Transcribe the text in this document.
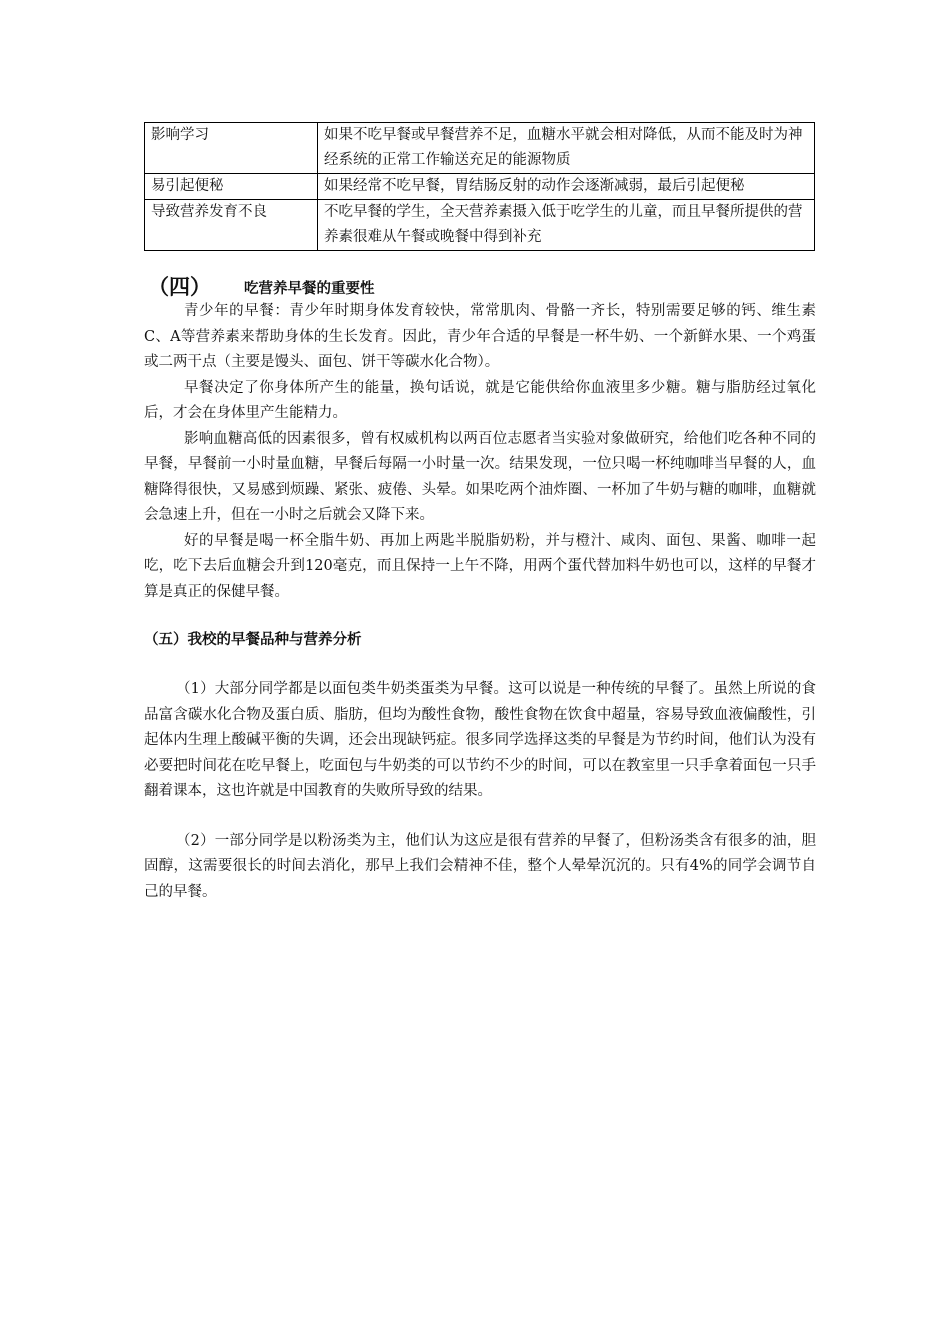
影响学习	如果不吃早餐或早餐营养不足，血糖水平就会相对降低，从而不能及时为神经系统的正常工作输送充足的能源物质
易引起便秘	如果经常不吃早餐，胃结肠反射的动作会逐渐减弱，最后引起便秘
导致营养发育不良	不吃早餐的学生，全天营养素摄入低于吃学生的儿童，而且早餐所提供的营养素很难从午餐或晚餐中得到补充
（四） 吃营养早餐的重要性

青少年的早餐：青少年时期身体发育较快，常常肌肉、骨骼一齐长，特别需要足够的钙、维生素C、A等营养素来帮助身体的生长发育。因此，青少年合适的早餐是一杯牛奶、一个新鲜水果、一个鸡蛋或二两干点（主要是馒头、面包、饼干等碳水化合物）。

早餐决定了你身体所产生的能量，换句话说，就是它能供给你血液里多少糖。糖与脂肪经过氧化后，才会在身体里产生能精力。

影响血糖高低的因素很多，曾有权威机构以两百位志愿者当实验对象做研究，给他们吃各种不同的早餐，早餐前一小时量血糖，早餐后每隔一小时量一次。结果发现，一位只喝一杯纯咖啡当早餐的人，血糖降得很快，又易感到烦躁、紧张、疲倦、头晕。如果吃两个油炸圈、一杯加了牛奶与糖的咖啡，血糖就会急速上升，但在一小时之后就会又降下来。

好的早餐是喝一杯全脂牛奶、再加上两匙半脱脂奶粉，并与橙汁、咸肉、面包、果酱、咖啡一起吃，吃下去后血糖会升到120毫克，而且保持一上午不降，用两个蛋代替加料牛奶也可以，这样的早餐才算是真正的保健早餐。

（五）我校的早餐品种与营养分析

（1）大部分同学都是以面包类牛奶类蛋类为早餐。这可以说是一种传统的早餐了。虽然上所说的食品富含碳水化合物及蛋白质、脂肪，但均为酸性食物，酸性食物在饮食中超量，容易导致血液偏酸性，引起体内生理上酸碱平衡的失调，还会出现缺钙症。很多同学选择这类的早餐是为节约时间，他们认为没有必要把时间花在吃早餐上，吃面包与牛奶类的可以节约不少的时间，可以在教室里一只手拿着面包一只手翻着课本，这也许就是中国教育的失败所导致的结果。

（2）一部分同学是以粉汤类为主，他们认为这应是很有营养的早餐了，但粉汤类含有很多的油，胆固醇，这需要很长的时间去消化，那早上我们会精神不佳，整个人晕晕沉沉的。只有4%的同学会调节自己的早餐。
